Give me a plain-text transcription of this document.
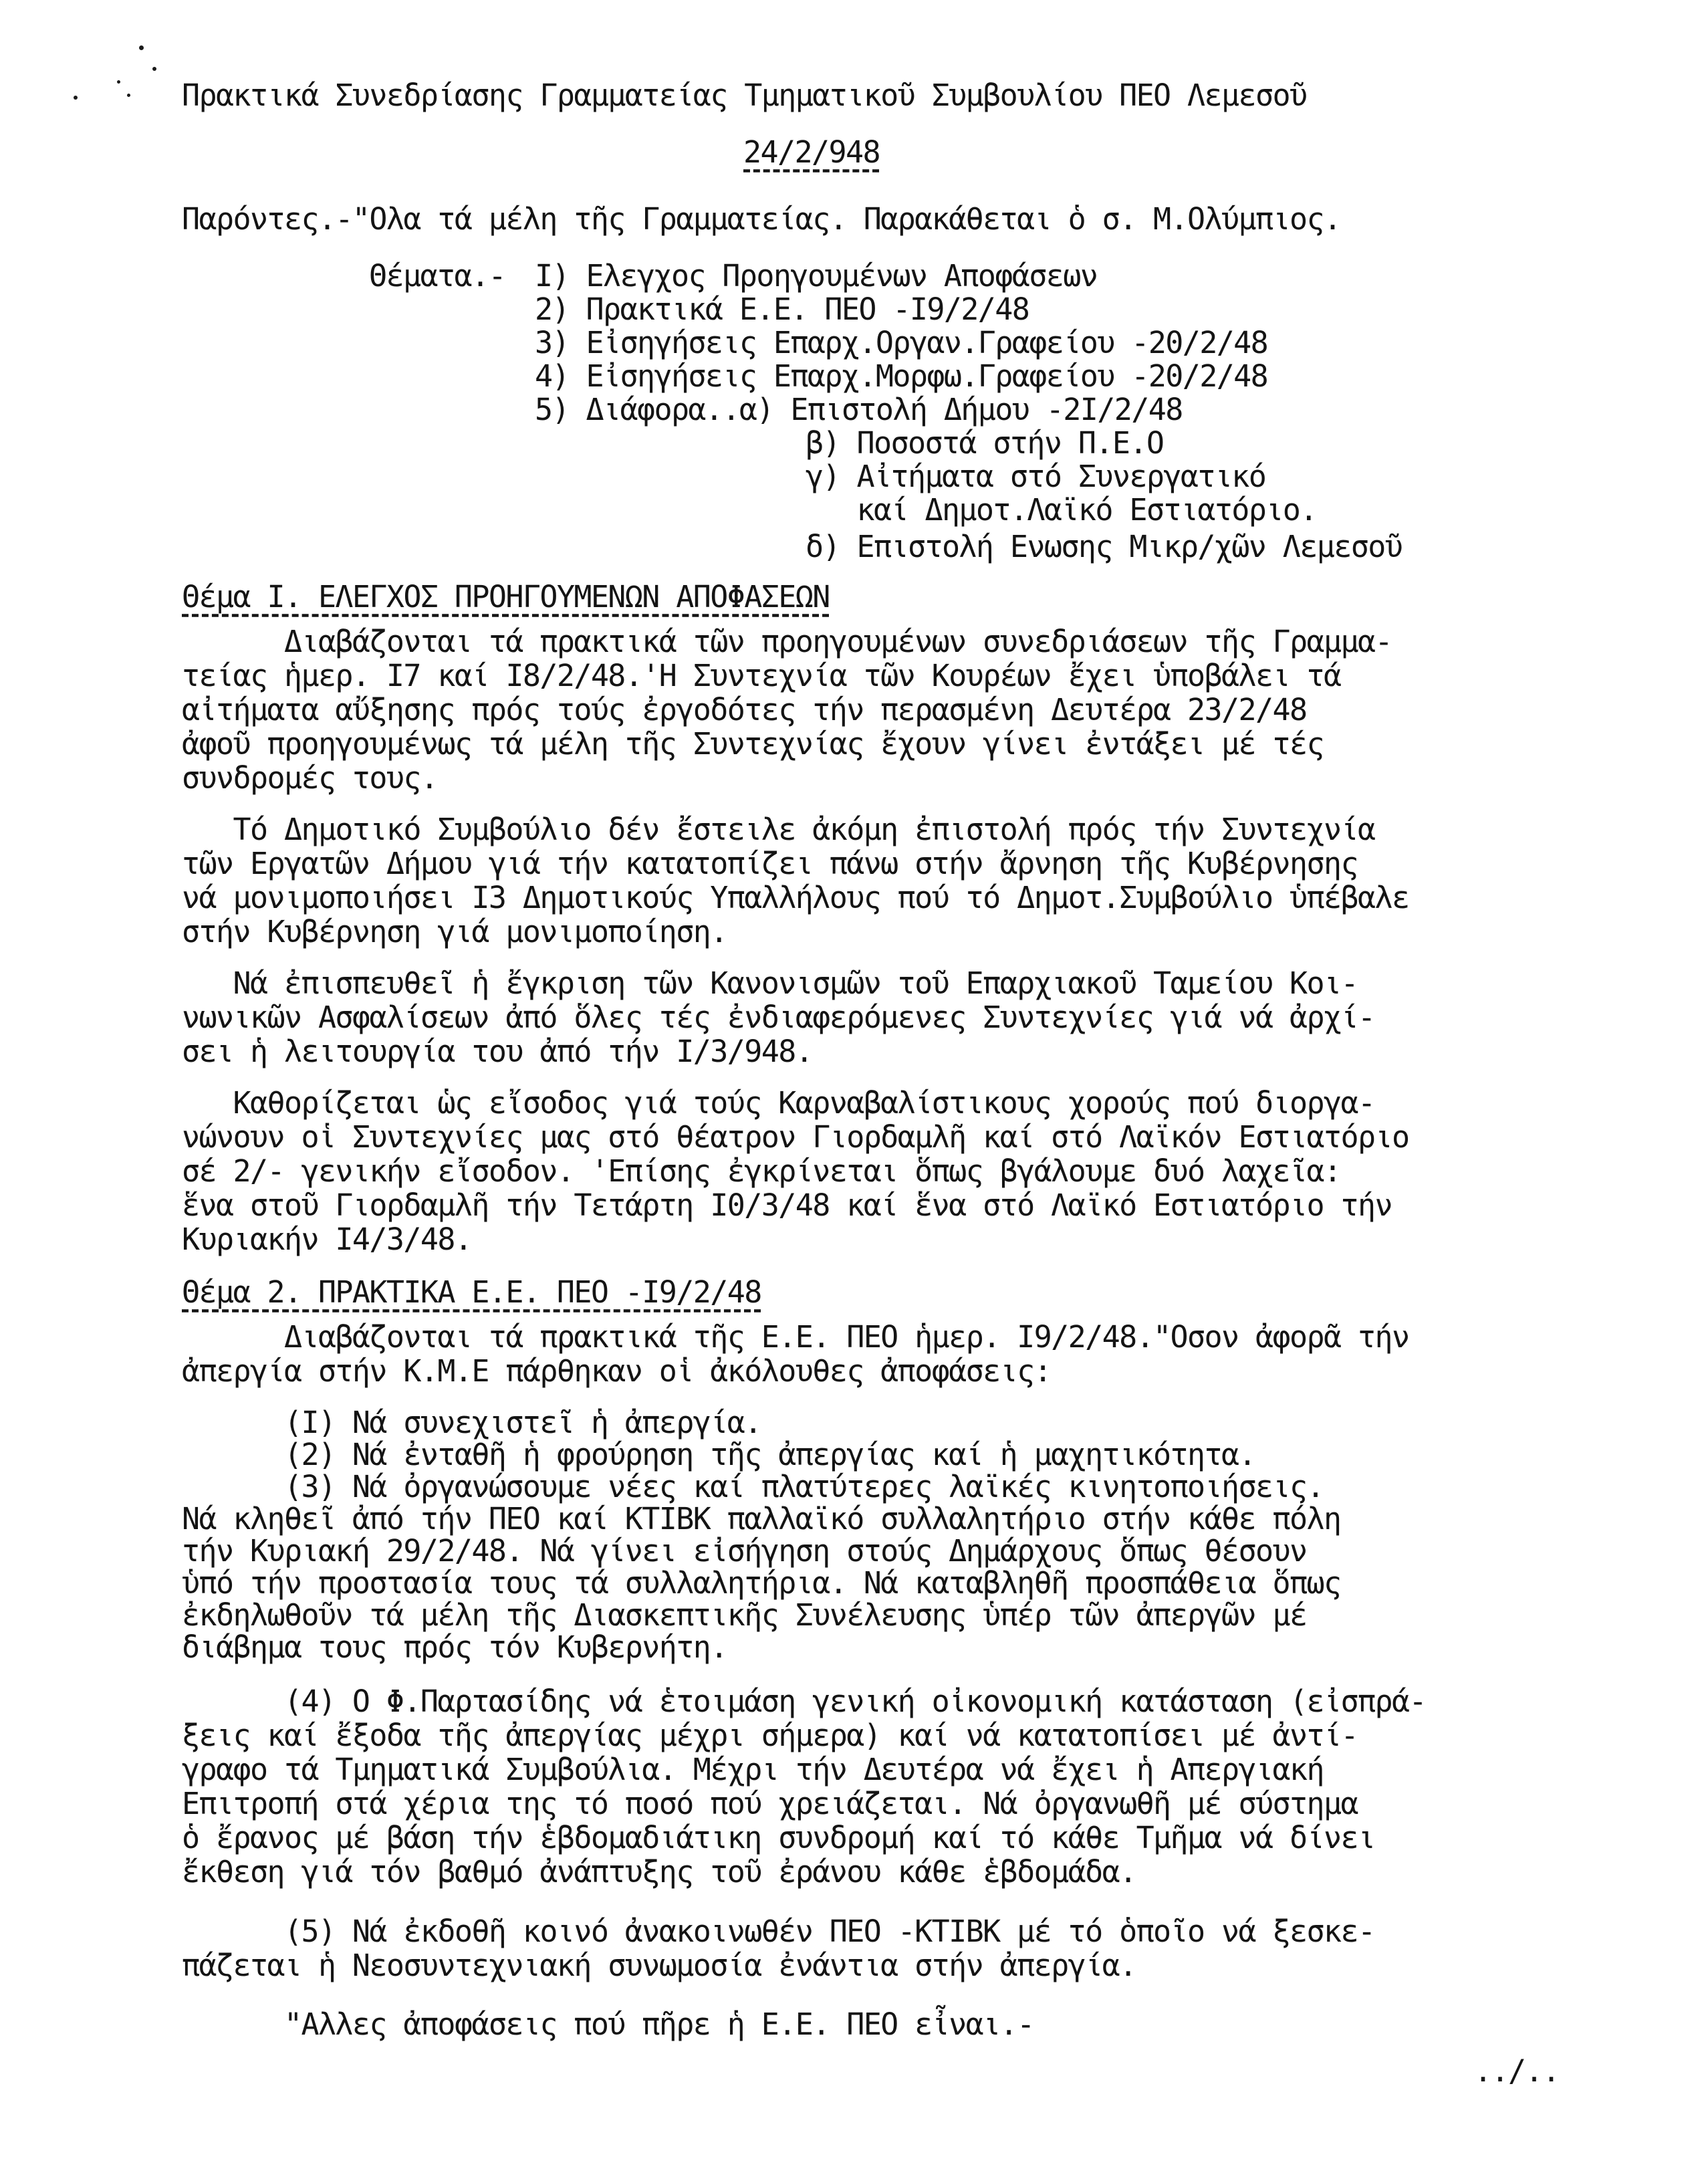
Πρακτικά Συνεδρίασης Γραμματείας Τμηματικοῦ Συμβουλίου ΠΕΟ Λεμεσοῦ
24/2/948
Παρόντες.-"Ολα τά μέλη τῆς Γραμματείας. Παρακάθεται ὁ σ. Μ.Ολύμπιος.
Θέματα.- I) Ελεγχος Προηγουμένων Αποφάσεων
2) Πρακτικά Ε.Ε. ΠΕΟ -I9/2/48
3) Εἰσηγήσεις Επαρχ.Οργαν.Γραφείου -20/2/48
4) Εἰσηγήσεις Επαρχ.Μορφω.Γραφείου -20/2/48
5) Διάφορα..α) Επιστολή Δήμου -2I/2/48
β) Ποσοστά στήν Π.Ε.Ο
γ) Αἰτήματα στό Συνεργατικό
καί Δημοτ.Λαϊκό Εστιατόριο.
δ) Επιστολή Ενωσης Μικρ/χῶν Λεμεσοῦ
Θέμα I. ΕΛΕΓΧΟΣ ΠΡΟΗΓΟΥΜΕΝΩΝ ΑΠΟΦΑΣΕΩΝ
Διαβάζονται τά πρακτικά τῶν προηγουμένων συνεδριάσεων τῆς Γραμμα-
τείας ἡμερ. I7 καί I8/2/48.'Η Συντεχνία τῶν Κουρέων ἔχει ὑποβάλει τά
αἰτήματα αὔξησης πρός τούς ἐργοδότες τήν περασμένη Δευτέρα 23/2/48
ἀφοῦ προηγουμένως τά μέλη τῆς Συντεχνίας ἔχουν γίνει ἐντάξει μέ τές
συνδρομές τους.
Τό Δημοτικό Συμβούλιο δέν ἔστειλε ἀκόμη ἐπιστολή πρός τήν Συντεχνία
τῶν Εργατῶν Δήμου γιά τήν κατατοπίζει πάνω στήν ἄρνηση τῆς Κυβέρνησης
νά μονιμοποιήσει I3 Δημοτικούς Υπαλλήλους πού τό Δημοτ.Συμβούλιο ὑπέβαλε
στήν Κυβέρνηση γιά μονιμοποίηση.
Νά ἐπισπευθεῖ ἡ ἔγκριση τῶν Κανονισμῶν τοῦ Επαρχιακοῦ Ταμείου Κοι-
νωνικῶν Ασφαλίσεων ἀπό ὅλες τές ἐνδιαφερόμενες Συντεχνίες γιά νά ἀρχί-
σει ἡ λειτουργία του ἀπό τήν I/3/948.
Καθορίζεται ὡς εἴσοδος γιά τούς Καρναβαλίστικους χορούς πού διοργα-
νώνουν οἱ Συντεχνίες μας στό θέατρον Γιορδαμλῆ καί στό Λαϊκόν Εστιατόριο
σέ 2/- γενικήν εἴσοδον. 'Επίσης ἐγκρίνεται ὅπως βγάλουμε δυό λαχεῖα:
ἕνα στοῦ Γιορδαμλῆ τήν Τετάρτη I0/3/48 καί ἕνα στό Λαϊκό Εστιατόριο τήν
Κυριακήν I4/3/48.
Θέμα 2. ΠΡΑΚΤΙΚΑ Ε.Ε. ΠΕΟ -I9/2/48
Διαβάζονται τά πρακτικά τῆς Ε.Ε. ΠΕΟ ἡμερ. I9/2/48."Οσον ἀφορᾶ τήν
ἀπεργία στήν Κ.Μ.Ε πάρθηκαν οἱ ἀκόλουθες ἀποφάσεις:
(I) Νά συνεχιστεῖ ἡ ἀπεργία.
(2) Νά ἐνταθῆ ἡ φρούρηση τῆς ἀπεργίας καί ἡ μαχητικότητα.
(3) Νά ὀργανώσουμε νέες καί πλατύτερες λαϊκές κινητοποιήσεις.
Νά κληθεῖ ἀπό τήν ΠΕΟ καί ΚΤΙΒΚ παλλαϊκό συλλαλητήριο στήν κάθε πόλη
τήν Κυριακή 29/2/48. Νά γίνει εἰσήγηση στούς Δημάρχους ὅπως θέσουν
ὑπό τήν προστασία τους τά συλλαλητήρια. Νά καταβληθῆ προσπάθεια ὅπως
ἐκδηλωθοῦν τά μέλη τῆς Διασκεπτικῆς Συνέλευσης ὑπέρ τῶν ἀπεργῶν μέ
διάβημα τους πρός τόν Κυβερνήτη.
(4) Ο Φ.Παρτασίδης νά ἑτοιμάση γενική οἰκονομική κατάσταση (εἰσπρά-
ξεις καί ἔξοδα τῆς ἀπεργίας μέχρι σήμερα) καί νά κατατοπίσει μέ ἀντί-
γραφο τά Τμηματικά Συμβούλια. Μέχρι τήν Δευτέρα νά ἔχει ἡ Απεργιακή
Επιτροπή στά χέρια της τό ποσό πού χρειάζεται. Νά ὀργανωθῆ μέ σύστημα
ὁ ἔρανος μέ βάση τήν ἑβδομαδιάτικη συνδρομή καί τό κάθε Τμῆμα νά δίνει
ἔκθεση γιά τόν βαθμό ἀνάπτυξης τοῦ ἐράνου κάθε ἑβδομάδα.
(5) Νά ἐκδοθῆ κοινό ἀνακοινωθέν ΠΕΟ -ΚΤΙΒΚ μέ τό ὁποῖο νά ξεσκε-
πάζεται ἡ Νεοσυντεχνιακή συνωμοσία ἐνάντια στήν ἀπεργία.
"Αλλες ἀποφάσεις πού πῆρε ἡ Ε.Ε. ΠΕΟ εἶναι.-
../..
